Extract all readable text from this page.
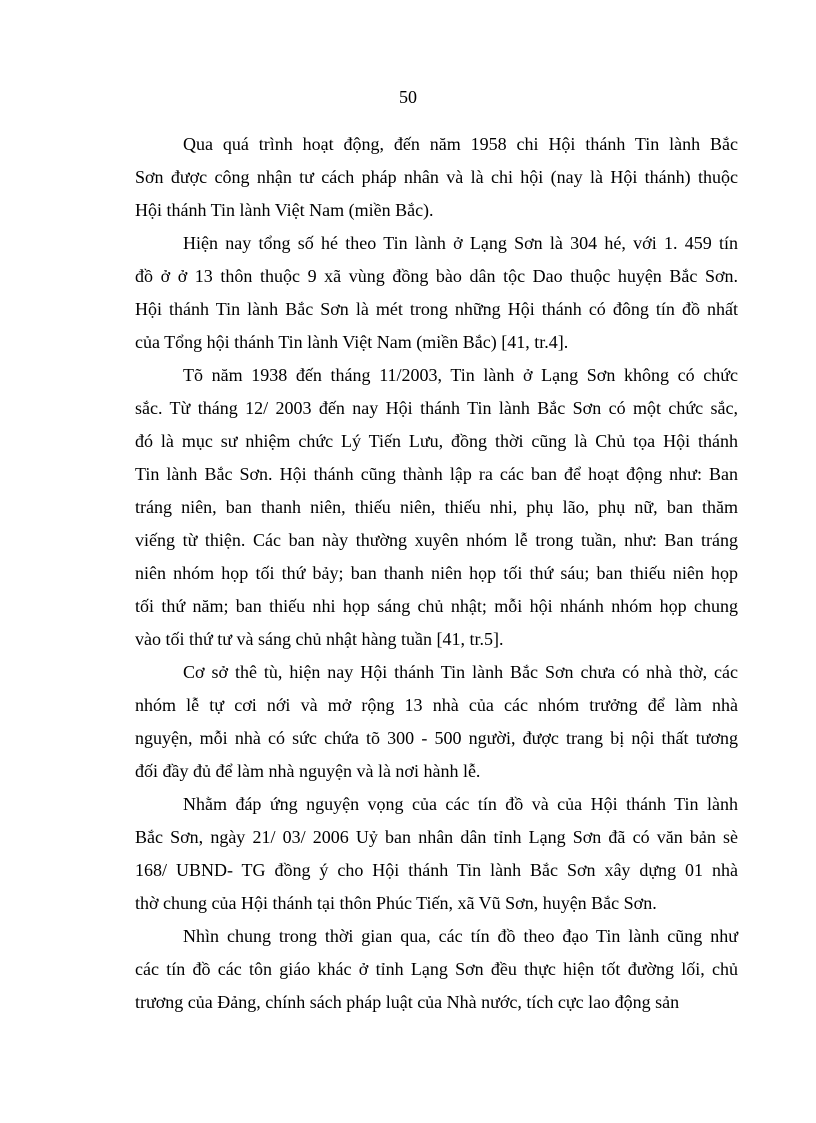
50

Qua quá trình hoạt động, đến năm 1958 chi Hội thánh Tin lành Bắc
Sơn được công nhận tư cách pháp nhân và là chi hội (nay là Hội thánh) thuộc
Hội thánh Tin lành Việt Nam (miền Bắc).

Hiện nay tổng số hé theo Tin lành ở Lạng Sơn là 304 hé, với 1. 459 tín
đồ ở ở 13 thôn thuộc 9 xã vùng đồng bào dân tộc Dao thuộc huyện Bắc Sơn.
Hội thánh Tin lành Bắc Sơn là mét trong những Hội thánh có đông tín đồ nhất
của Tổng hội thánh Tin lành Việt Nam (miền Bắc) [41, tr.4].

Tõ năm 1938 đến tháng 11/2003, Tin lành ở Lạng Sơn không có chức
sắc. Từ tháng 12/ 2003 đến nay Hội thánh Tin lành Bắc Sơn có một chức sắc,
đó là mục sư nhiệm chức Lý Tiến Lưu, đồng thời cũng là Chủ tọa Hội thánh
Tin lành Bắc Sơn. Hội thánh cũng thành lập ra các ban để hoạt động như: Ban
tráng niên, ban thanh niên, thiếu niên, thiếu nhi, phụ lão, phụ nữ, ban thăm
viếng từ thiện. Các ban này thường xuyên nhóm lễ trong tuần, như: Ban tráng
niên nhóm họp tối thứ bảy; ban thanh niên họp tối thứ sáu; ban thiếu niên họp
tối thứ năm; ban thiếu nhi họp sáng chủ nhật; mỗi hội nhánh nhóm họp chung
vào tối thứ tư và sáng chủ nhật hàng tuần [41, tr.5].

Cơ sở thê tù, hiện nay Hội thánh Tin lành Bắc Sơn chưa có nhà thờ, các
nhóm lễ tự cơi nới và mở rộng 13 nhà của các nhóm trưởng để làm nhà
nguyện, mỗi nhà có sức chứa tõ 300 - 500 người, được trang bị nội thất tương
đối đầy đủ để làm nhà nguyện và là nơi hành lễ.

Nhằm đáp ứng nguyện vọng của các tín đồ và của Hội thánh Tin lành
Bắc Sơn, ngày 21/ 03/ 2006 Uỷ ban nhân dân tỉnh Lạng Sơn đã có văn bản sè
168/ UBND- TG đồng ý cho Hội thánh Tin lành Bắc Sơn xây dựng 01 nhà
thờ chung của Hội thánh tại thôn Phúc Tiến, xã Vũ Sơn, huyện Bắc Sơn.

Nhìn chung trong thời gian qua, các tín đồ theo đạo Tin lành cũng như
các tín đồ các tôn giáo khác ở tỉnh Lạng Sơn đều thực hiện tốt đường lối, chủ
trương của Đảng, chính sách pháp luật của Nhà nước, tích cực lao động sản
